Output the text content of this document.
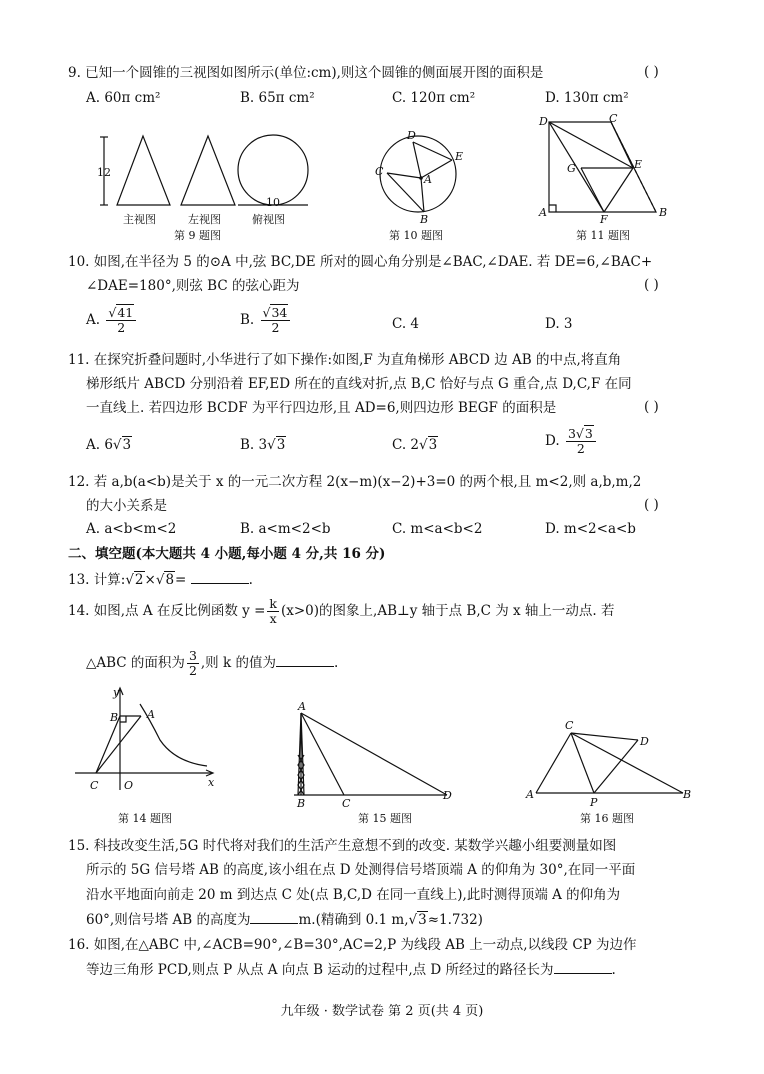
9. 已知一个圆锥的三视图如图所示(单位:cm),则这个圆锥的侧面展开图的面积是	( )
A. 60π cm²	B. 65π cm²	C. 120π cm²	D. 130π cm²
12
10
主视图	左视图	俯视图
第 9 题图
D
E
C
A
B
第 10 题图
D	C
G	E
A
F
B
第 11 题图
10. 如图,在半径为 5 的⊙A 中,弦 BC,DE 所对的圆心角分别是∠BAC,∠DAE. 若 DE=6,∠BAC+
∠DAE=180°,则弦 BC 的弦心距为	( )
A. $\frac{√41}{2}$	B. $\frac{√34}{2}$	C. 4	D. 3
11. 在探究折叠问题时,小华进行了如下操作:如图,F 为直角梯形 ABCD 边 AB 的中点,将直角
梯形纸片 ABCD 分别沿着 EF,ED 所在的直线对折,点 B,C 恰好与点 G 重合,点 D,C,F 在同
一直线上. 若四边形 BCDF 为平行四边形,且 AD=6,则四边形 BEGF 的面积是	( )
A. 6√3	B. 3√3	C. 2√3	D. $\frac{3√3}{2}$
12. 若 a,b(a<b)是关于 x 的一元二次方程 2(x−m)(x−2)+3=0 的两个根,且 m<2,则 a,b,m,2
的大小关系是	( )
A. a<b<m<2	B. a<m<2<b	C. m<a<b<2	D. m<2<a<b
二、填空题(本大题共 4 小题,每小题 4 分,共 16 分)
13. 计算:√2×√8=	.
14. 如图,点 A 在反比例函数 $y = \frac{k}{x} (x>0)$的图象上,AB⊥y 轴于点 B,C 为 x 轴上一动点. 若
△ABC 的面积为 $\frac{3}{2}$ ,则 k 的值为	.
y
B	A
C O	x
第 14 题图
A
B	C
D
第 15 题图
C
D
A
P
B
第 16 题图
15. 科技改变生活,5G 时代将对我们的生活产生意想不到的改变. 某数学兴趣小组要测量如图
所示的 5G 信号塔 AB 的高度,该小组在点 D 处测得信号塔顶端 A 的仰角为 30°,在同一平面
沿水平地面向前走 20 m 到达点 C 处(点 B,C,D 在同一直线上),此时测得顶端 A 的仰角为
60°,则信号塔 AB 的高度为	m.(精确到 0.1 m,√3≈1.732)
16. 如图,在△ABC 中,∠ACB=90°,∠B=30°,AC=2,P 为线段 AB 上一动点,以线段 CP 为边作
等边三角形 PCD,则点 P 从点 A 向点 B 运动的过程中,点 D 所经过的路径长为	.
九年级 · 数学试卷 第 2 页(共 4 页)
